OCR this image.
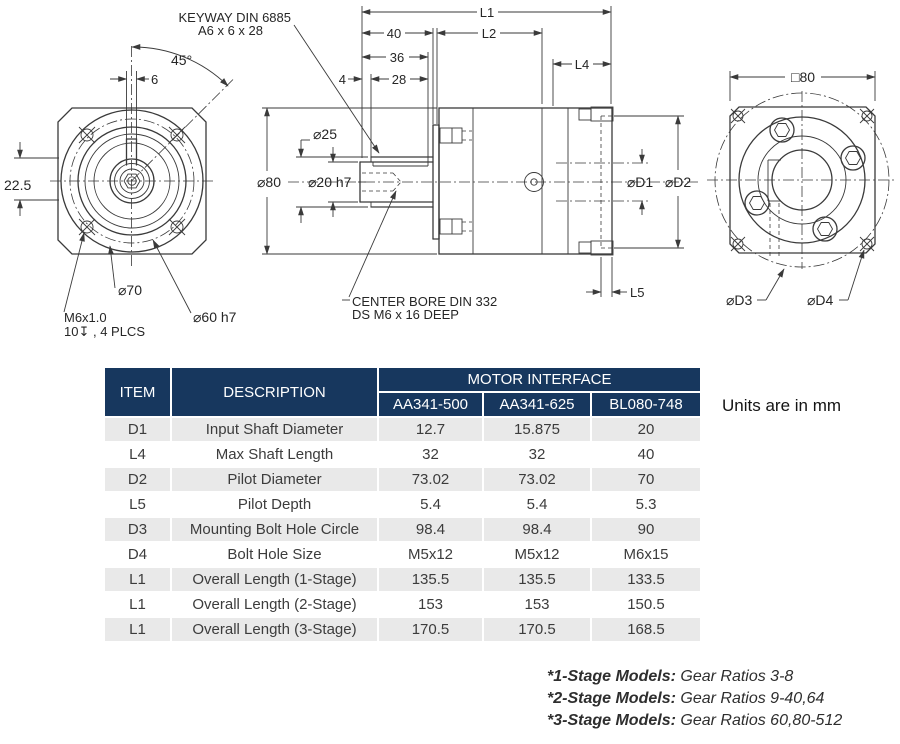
6
45°
22.5
KEYWAY DIN 6885
A6 x 6 x 28
⌀70
⌀60 h7
M6x1.0
10↧ , 4 PLCS
L1
40	L2
36
4	28
L4
⌀80
⌀25
⌀20 h7	⌀D1 ⌀D2
L5
CENTER BORE DIN 332
DS M6 x 16 DEEP
□80
⌀D3	⌀D4
ITEM	DESCRIPTION	MOTOR INTERFACE		
		AA341-500	AA341-625	BL080-748
D1	Input Shaft Diameter	12.7	15.875	20
L4	Max Shaft Length	32	32	40
D2	Pilot Diameter	73.02	73.02	70
L5	Pilot Depth	5.4	5.4	5.3
D3	Mounting Bolt Hole Circle	98.4	98.4	90
D4	Bolt Hole Size	M5x12	M5x12	M6x15
L1	Overall Length (1-Stage)	135.5	135.5	133.5
L1	Overall Length (2-Stage)	153	153	150.5
L1	Overall Length (3-Stage)	170.5	170.5	168.5
Units are in mm
*1-Stage Models: Gear Ratios 3-8
*2-Stage Models: Gear Ratios 9-40,64
*3-Stage Models: Gear Ratios 60,80-512
